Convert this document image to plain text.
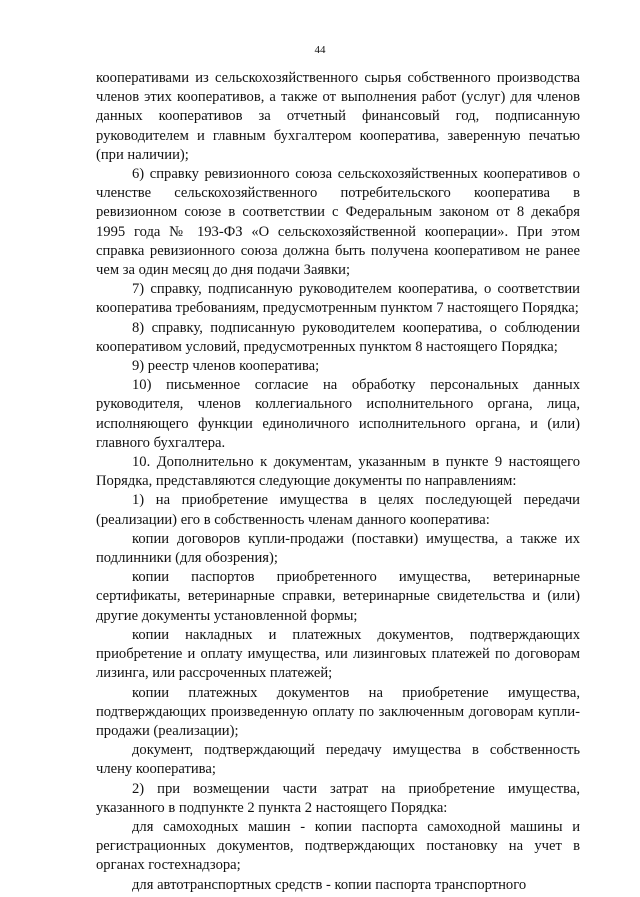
44

кооперативами из сельскохозяйственного сырья собственного производства членов этих кооперативов, а также от выполнения работ (услуг) для членов данных кооперативов за отчетный финансовый год, подписанную руководителем и главным бухгалтером кооператива, заверенную печатью (при наличии);

6) справку ревизионного союза сельскохозяйственных кооперативов о членстве сельскохозяйственного потребительского кооператива в ревизионном союзе в соответствии с Федеральным законом от 8 декабря 1995 года № 193-ФЗ «О сельскохозяйственной кооперации». При этом справка ревизионного союза должна быть получена кооперативом не ранее чем за один месяц до дня подачи Заявки;

7) справку, подписанную руководителем кооператива, о соответствии кооператива требованиям, предусмотренным пунктом 7 настоящего Порядка;

8) справку, подписанную руководителем кооператива, о соблюдении кооперативом условий, предусмотренных пунктом 8 настоящего Порядка;

9) реестр членов кооператива;

10) письменное согласие на обработку персональных данных руководителя, членов коллегиального исполнительного органа, лица, исполняющего функции единоличного исполнительного органа, и (или) главного бухгалтера.

10. Дополнительно к документам, указанным в пункте 9 настоящего Порядка, представляются следующие документы по направлениям:

1) на приобретение имущества в целях последующей передачи (реализации) его в собственность членам данного кооператива:

копии договоров купли-продажи (поставки) имущества, а также их подлинники (для обозрения);

копии паспортов приобретенного имущества, ветеринарные сертификаты, ветеринарные справки, ветеринарные свидетельства и (или) другие документы установленной формы;

копии накладных и платежных документов, подтверждающих приобретение и оплату имущества, или лизинговых платежей по договорам лизинга, или рассроченных платежей;

копии платежных документов на приобретение имущества, подтверждающих произведенную оплату по заключенным договорам купли-продажи (реализации);

документ, подтверждающий передачу имущества в собственность члену кооператива;

2) при возмещении части затрат на приобретение имущества, указанного в подпункте 2 пункта 2 настоящего Порядка:

для самоходных машин - копии паспорта самоходной машины и регистрационных документов, подтверждающих постановку на учет в органах гостехнадзора;

для автотранспортных средств - копии паспорта транспортного
